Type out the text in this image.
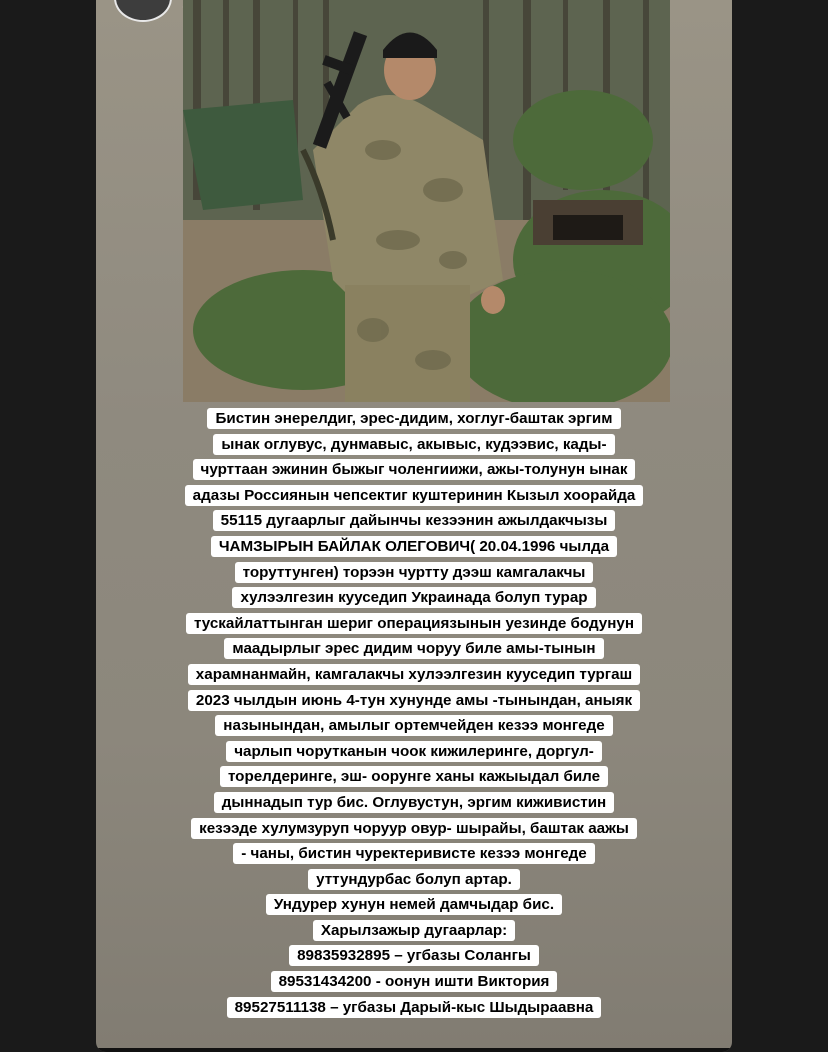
Бистин энерелдиг, эрес-дидим, хоглуг-баштак эргим
ынак оглувус, дунмавыс, акывыс, кудээвис, кады-
чурттаан эжинин быжыг чоленгиижи, ажы-толунун ынак
адазы Россиянын чепсектиг куштеринин Кызыл хоорайда
55115 дугаарлыг дайынчы кезээнин ажылдакчызы
ЧАМЗЫРЫН БАЙЛАК ОЛЕГОВИЧ( 20.04.1996 чылда
торуттунген) торээн чуртту дээш камгалакчы
хулээлгезин кууседип Украинада болуп турар
тускайлаттынган шериг операциязынын уезинде бодунун
маадырлыг эрес дидим чоруу биле амы-тынын
харамнанмайн, камгалакчы хулээлгезин кууседип тургаш
2023 чылдын июнь 4-тун хунунде амы -тынындан, аныяк
назынындан, амылыг ортемчейден кезээ монгеде
чарлып чорутканын чоок кижилеринге, доргул-
торелдеринге, эш- оорунге ханы кажыыдал биле
дыннадып тур бис. Оглувустун, эргим киживистин
кезээде хулумзуруп чоруур овур- шырайы, баштак аажы
- чаны, бистин чуректеривисте кезээ монгеде
уттундурбас болуп артар.
Ундурер хунун немей дамчыдар бис.
Харылзажыр дугаарлар:
89835932895 – угбазы Солангы
89531434200 - оонун ишти Виктория
89527511138 – угбазы Дарый-кыс Шыдыраавна
